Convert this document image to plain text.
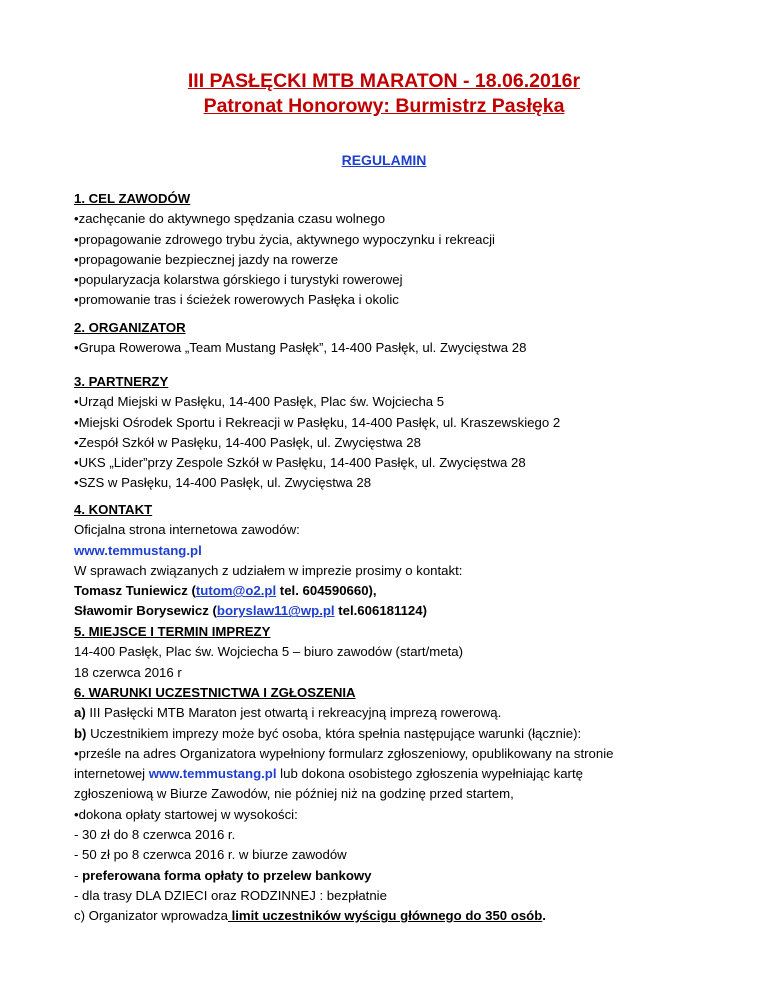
III PASŁĘCKI MTB MARATON - 18.06.2016r
Patronat Honorowy: Burmistrz Pasłęka
REGULAMIN
1. CEL ZAWODÓW
•zachęcanie do aktywnego spędzania czasu wolnego
•propagowanie zdrowego trybu życia, aktywnego wypoczynku i rekreacji
•propagowanie bezpiecznej jazdy na rowerze
•popularyzacja kolarstwa górskiego i turystyki rowerowej
•promowanie tras i ścieżek rowerowych Pasłęka i okolic
2. ORGANIZATOR
•Grupa Rowerowa „Team Mustang Pasłęk”, 14-400 Pasłęk, ul. Zwycięstwa 28
3. PARTNERZY
•Urząd Miejski w Pasłęku, 14-400 Pasłęk, Plac św. Wojciecha 5
•Miejski Ośrodek Sportu i Rekreacji w Pasłęku, 14-400 Pasłęk, ul. Kraszewskiego 2
•Zespół Szkół w Pasłęku, 14-400 Pasłęk, ul. Zwycięstwa 28
•UKS „Lider”przy Zespole Szkół w Pasłęku, 14-400 Pasłęk, ul. Zwycięstwa 28
•SZS w Pasłęku, 14-400 Pasłęk, ul. Zwycięstwa 28
4. KONTAKT
Oficjalna strona internetowa zawodów:
www.temmustang.pl
W sprawach związanych z udziałem w imprezie prosimy o kontakt:
Tomasz Tuniewicz (tutom@o2.pl tel. 604590660),
Sławomir Borysewicz (boryslaw11@wp.pl tel.606181124)
5. MIEJSCE I TERMIN IMPREZY
14-400 Pasłęk, Plac św. Wojciecha 5 – biuro zawodów (start/meta)
18 czerwca 2016 r
6. WARUNKI UCZESTNICTWA I ZGŁOSZENIA
a) III Pasłęcki MTB Maraton jest otwartą i rekreacyjną imprezą rowerową.
b) Uczestnikiem imprezy może być osoba, która spełnia następujące warunki (łącznie):
•prześle na adres Organizatora wypełniony formularz zgłoszeniowy, opublikowany na stronie
internetowej www.temmustang.pl lub dokona osobistego zgłoszenia wypełniając kartę
zgłoszeniową w Biurze Zawodów, nie później niż na godzinę przed startem,
•dokona opłaty startowej w wysokości:
- 30 zł do 8 czerwca 2016 r.
- 50 zł po 8 czerwca 2016 r. w biurze zawodów
- preferowana forma opłaty to przelew bankowy
- dla trasy DLA DZIECI oraz RODZINNEJ : bezpłatnie
c) Organizator wprowadza limit uczestników wyścigu głównego do 350 osób.
